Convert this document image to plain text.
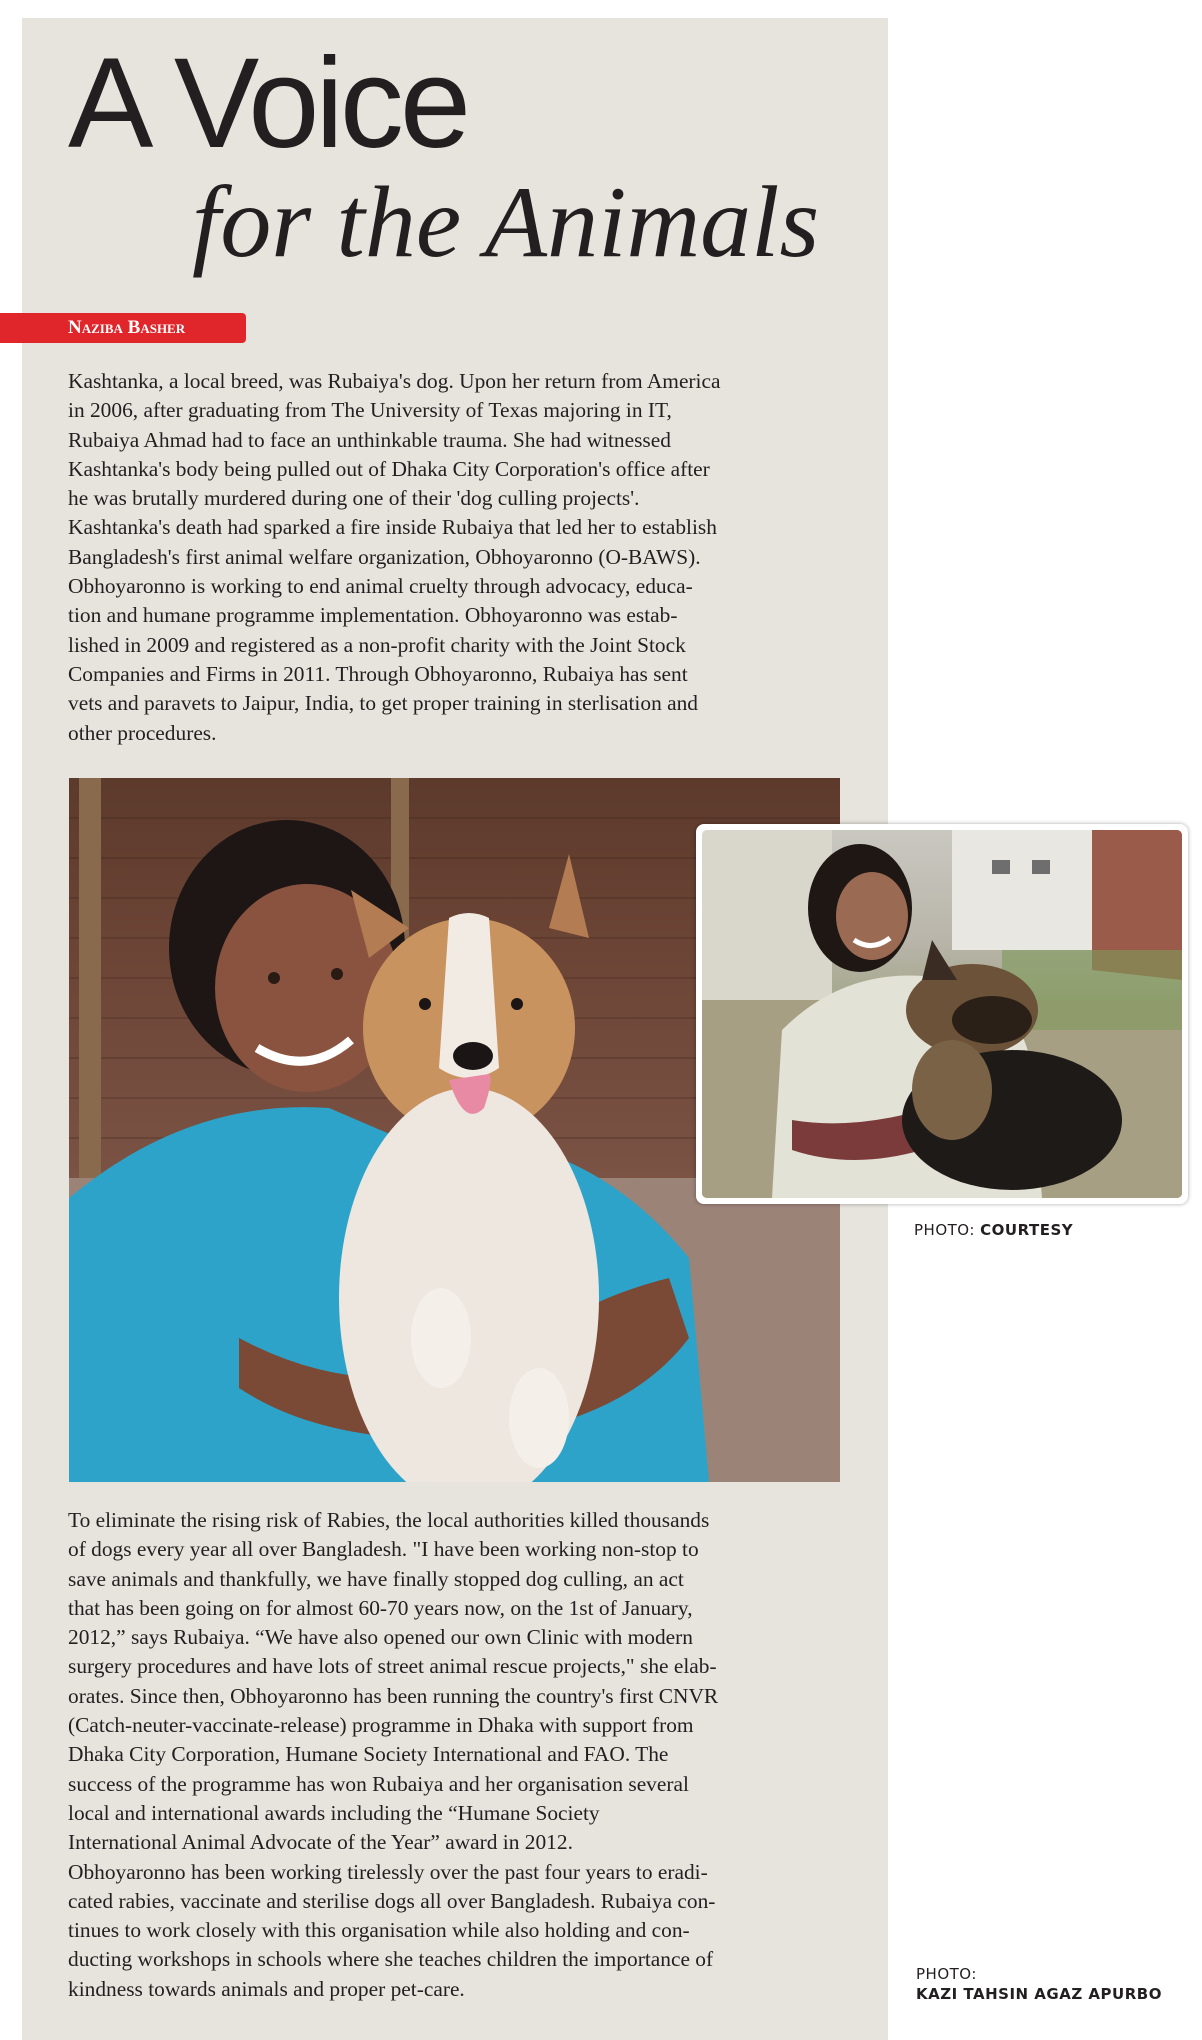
A Voice
for the Animals
Naziba Basher

Kashtanka, a local breed, was Rubaiya's dog. Upon her return from America
in 2006, after graduating from The University of Texas majoring in IT,
Rubaiya Ahmad had to face an unthinkable trauma. She had witnessed
Kashtanka's body being pulled out of Dhaka City Corporation's office after
he was brutally murdered during one of their 'dog culling projects'.
Kashtanka's death had sparked a fire inside Rubaiya that led her to establish
Bangladesh's first animal welfare organization, Obhoyaronno (O-BAWS).
Obhoyaronno is working to end animal cruelty through advocacy, educa-
tion and humane programme implementation. Obhoyaronno was estab-
lished in 2009 and registered as a non-profit charity with the Joint Stock
Companies and Firms in 2011. Through Obhoyaronno, Rubaiya has sent
vets and paravets to Jaipur, India, to get proper training in sterlisation and
other procedures.

PHOTO: COURTESY

To eliminate the rising risk of Rabies, the local authorities killed thousands
of dogs every year all over Bangladesh. "I have been working non-stop to
save animals and thankfully, we have finally stopped dog culling, an act
that has been going on for almost 60-70 years now, on the 1st of January,
2012,” says Rubaiya. “We have also opened our own Clinic with modern
surgery procedures and have lots of street animal rescue projects," she elab-
orates. Since then, Obhoyaronno has been running the country's first CNVR
(Catch-neuter-vaccinate-release) programme in Dhaka with support from
Dhaka City Corporation, Humane Society International and FAO. The
success of the programme has won Rubaiya and her organisation several
local and international awards including the “Humane Society
International Animal Advocate of the Year” award in 2012.
Obhoyaronno has been working tirelessly over the past four years to eradi-
cated rabies, vaccinate and sterilise dogs all over Bangladesh. Rubaiya con-
tinues to work closely with this organisation while also holding and con-
ducting workshops in schools where she teaches children the importance of
kindness towards animals and proper pet-care.

PHOTO:
KAZI TAHSIN AGAZ APURBO
